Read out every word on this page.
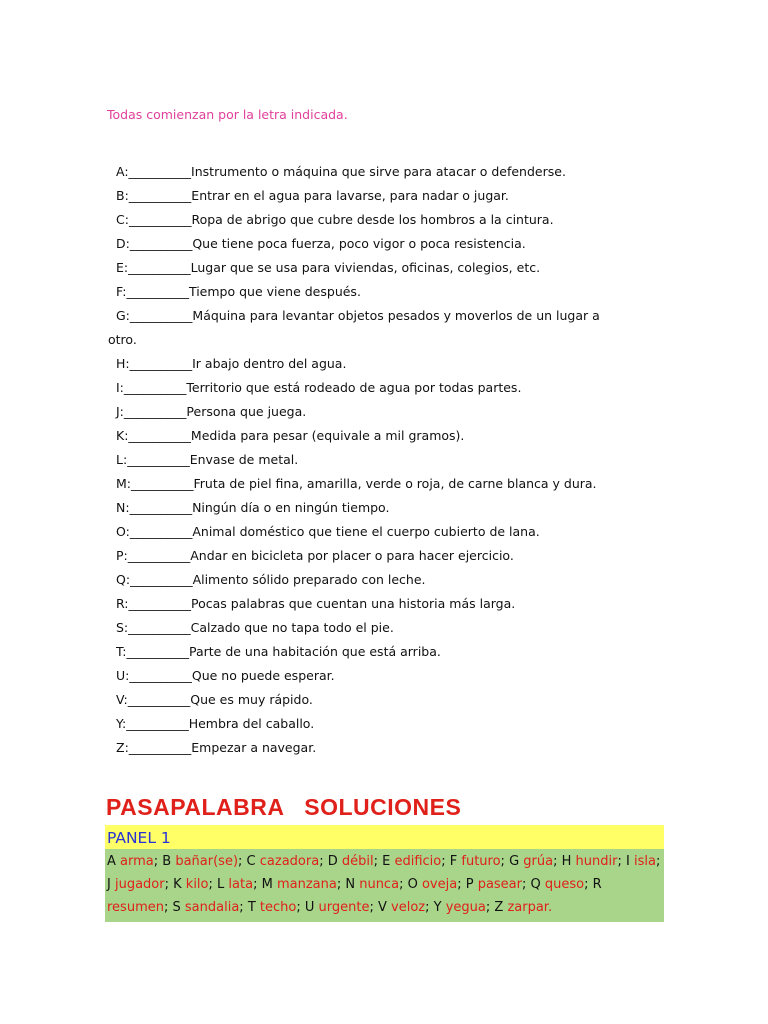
Todas comienzan por la letra indicada.

A:__________Instrumento o máquina que sirve para atacar o defenderse.
B:__________Entrar en el agua para lavarse, para nadar o jugar.
C:__________Ropa de abrigo que cubre desde los hombros a la cintura.
D:__________Que tiene poca fuerza, poco vigor o poca resistencia.
E:__________Lugar que se usa para viviendas, oficinas, colegios, etc.
F:__________Tiempo que viene después.
G:__________Máquina para levantar objetos pesados y moverlos de un lugar a
otro.
H:__________Ir abajo dentro del agua.
I:__________Territorio que está rodeado de agua por todas partes.
J:__________Persona que juega.
K:__________Medida para pesar (equivale a mil gramos).
L:__________Envase de metal.
M:__________Fruta de piel fina, amarilla, verde o roja, de carne blanca y dura.
N:__________Ningún día o en ningún tiempo.
O:__________Animal doméstico que tiene el cuerpo cubierto de lana.
P:__________Andar en bicicleta por placer o para hacer ejercicio.
Q:__________Alimento sólido preparado con leche.
R:__________Pocas palabras que cuentan una historia más larga.
S:__________Calzado que no tapa todo el pie.
T:__________Parte de una habitación que está arriba.
U:__________Que no puede esperar.
V:__________Que es muy rápido.
Y:__________Hembra del caballo.
Z:__________Empezar a navegar.
PASAPALABRA   SOLUCIONES
PANEL 1
A arma; B bañar(se); C cazadora; D débil; E edificio; F futuro; G grúa; H hundir; I isla; J jugador; K kilo; L lata; M manzana; N nunca; O oveja; P pasear; Q queso; R resumen; S sandalia; T techo; U urgente; V veloz; Y yegua; Z zarpar.
